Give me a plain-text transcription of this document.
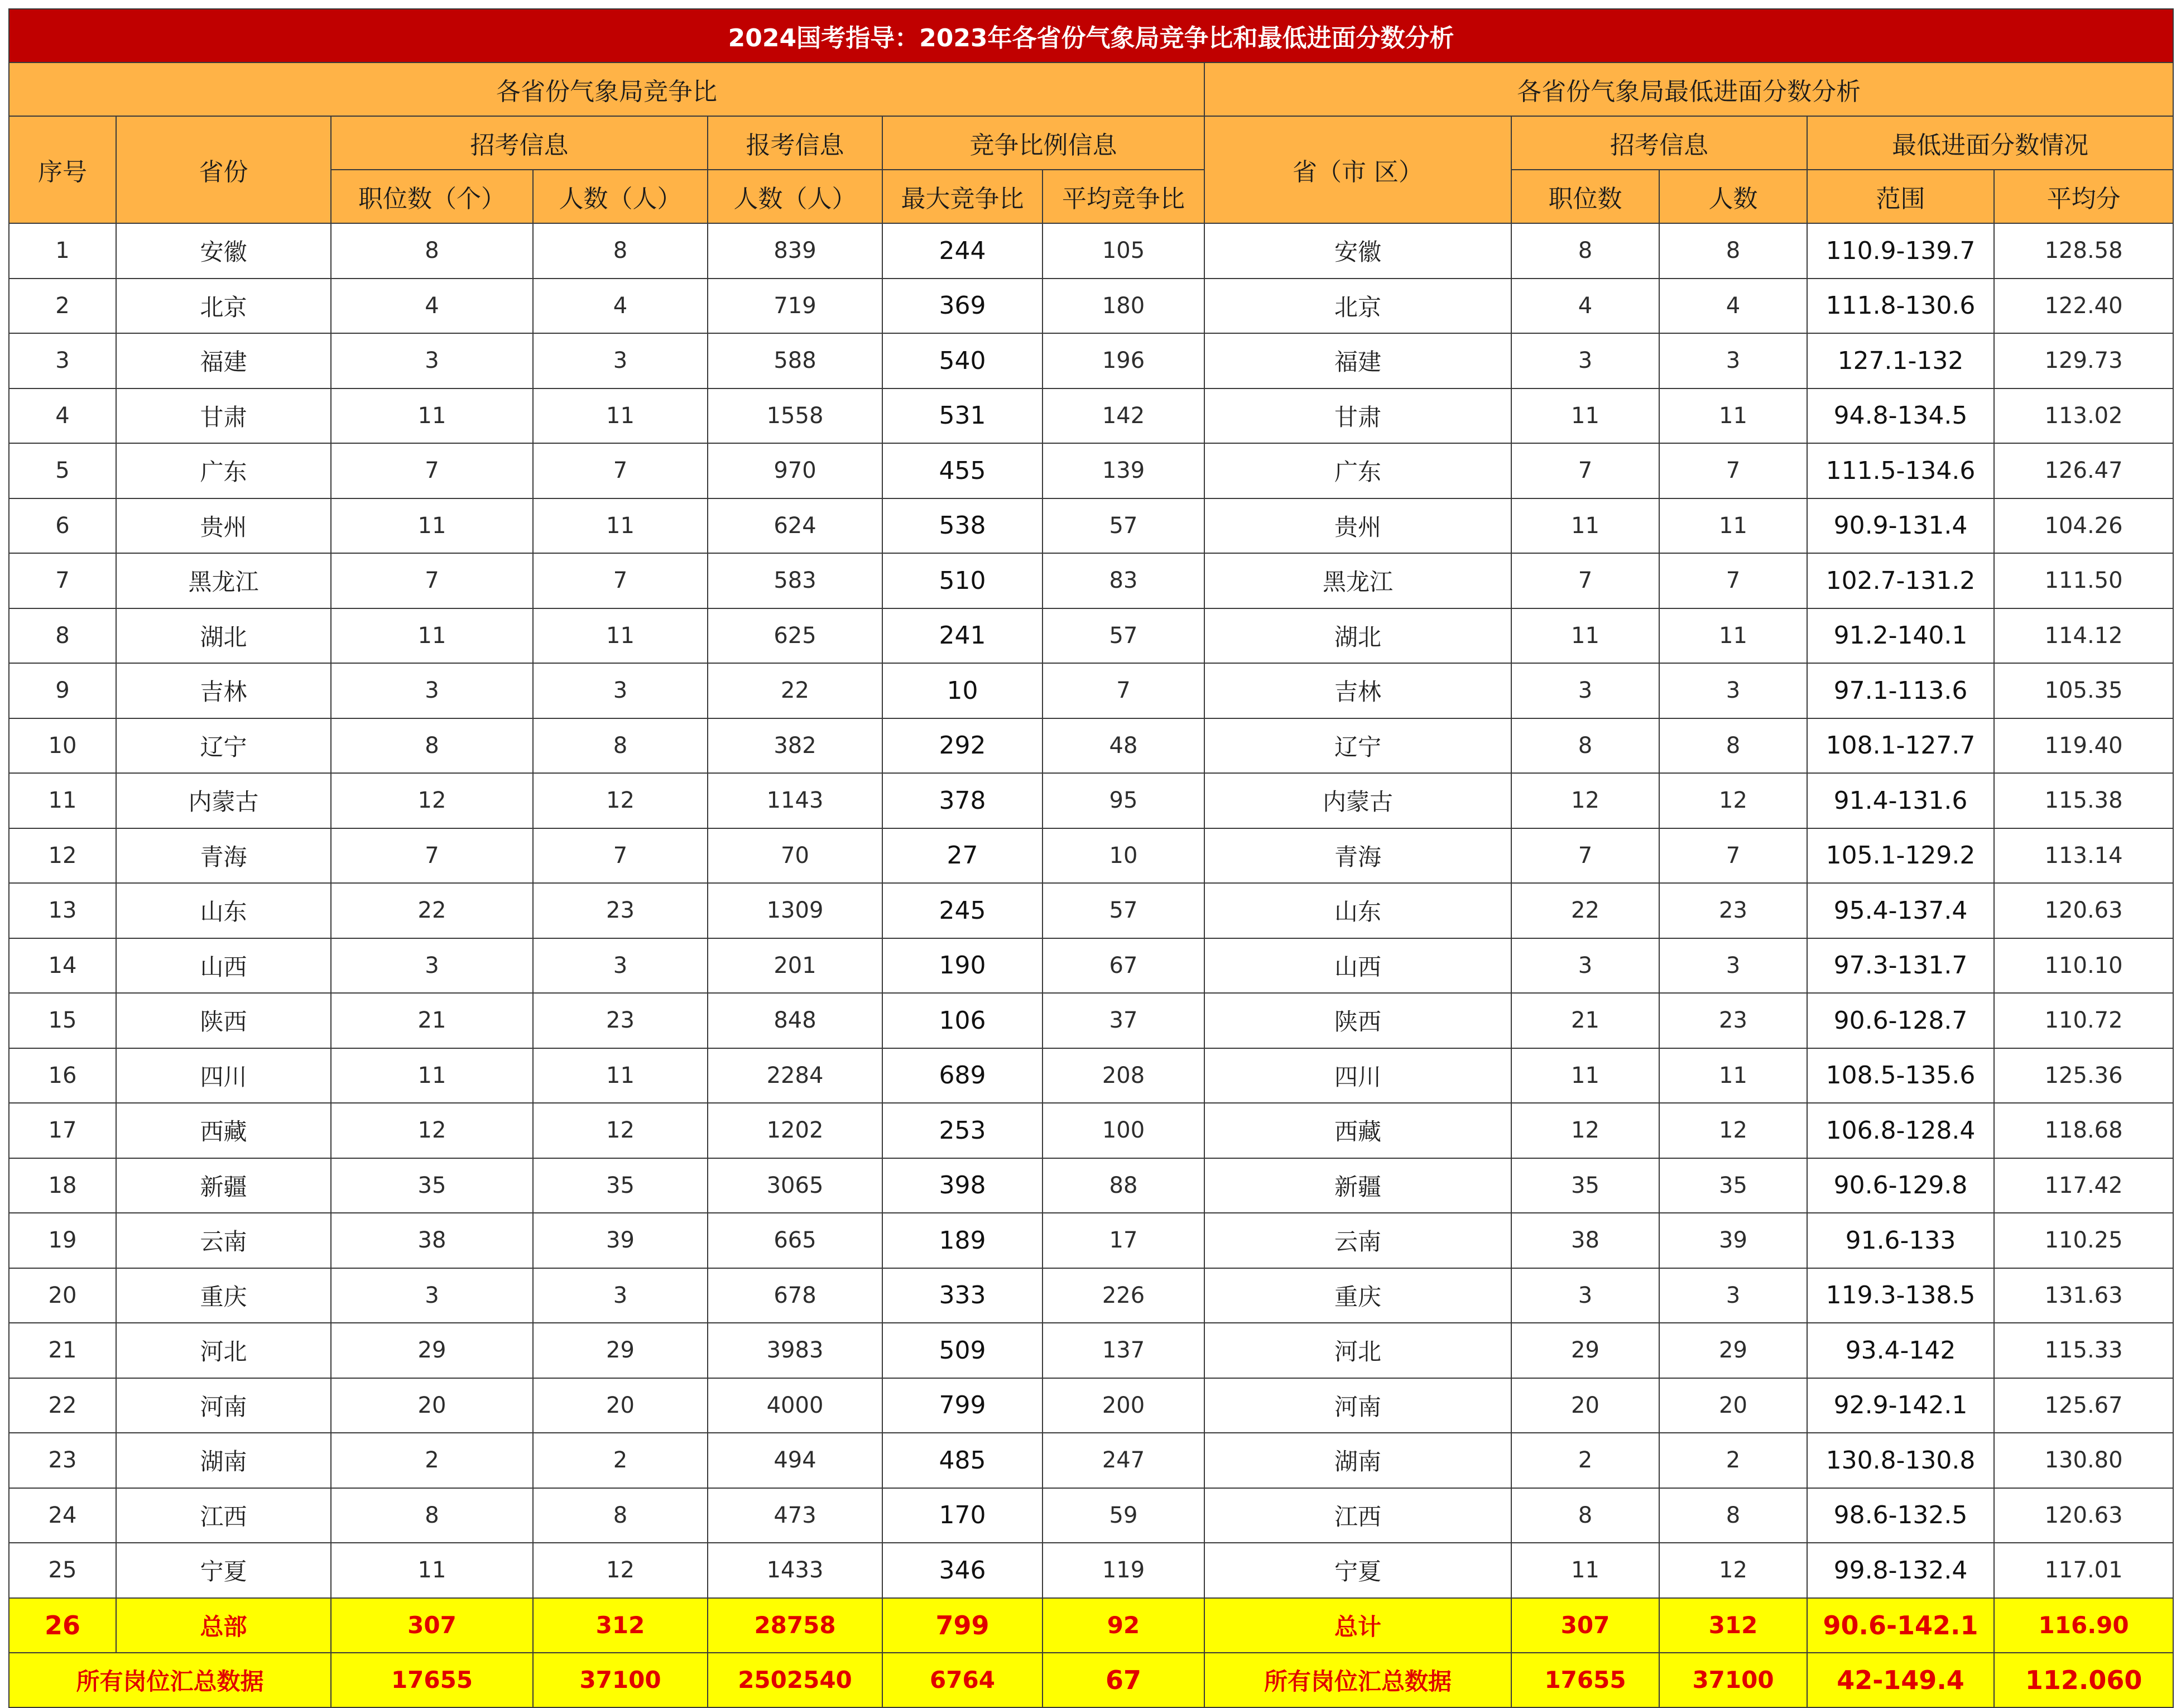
2024国考指导：2023年各省份气象局竞争比和最低进面分数分析											
各省份气象局竞争比							各省份气象局最低进面分数分析				
序号	省份	招考信息		报考信息	竞争比例信息		省（市 区）	招考信息		最低进面分数情况	
		职位数（个）	人数（人）	人数（人）	最大竞争比	平均竞争比		职位数	人数	范围	平均分
1	安徽	8	8	839	244	105	安徽	8	8	110.9-139.7	128.58
2	北京	4	4	719	369	180	北京	4	4	111.8-130.6	122.40
3	福建	3	3	588	540	196	福建	3	3	127.1-132	129.73
4	甘肃	11	11	1558	531	142	甘肃	11	11	94.8-134.5	113.02
5	广东	7	7	970	455	139	广东	7	7	111.5-134.6	126.47
6	贵州	11	11	624	538	57	贵州	11	11	90.9-131.4	104.26
7	黑龙江	7	7	583	510	83	黑龙江	7	7	102.7-131.2	111.50
8	湖北	11	11	625	241	57	湖北	11	11	91.2-140.1	114.12
9	吉林	3	3	22	10	7	吉林	3	3	97.1-113.6	105.35
10	辽宁	8	8	382	292	48	辽宁	8	8	108.1-127.7	119.40
11	内蒙古	12	12	1143	378	95	内蒙古	12	12	91.4-131.6	115.38
12	青海	7	7	70	27	10	青海	7	7	105.1-129.2	113.14
13	山东	22	23	1309	245	57	山东	22	23	95.4-137.4	120.63
14	山西	3	3	201	190	67	山西	3	3	97.3-131.7	110.10
15	陕西	21	23	848	106	37	陕西	21	23	90.6-128.7	110.72
16	四川	11	11	2284	689	208	四川	11	11	108.5-135.6	125.36
17	西藏	12	12	1202	253	100	西藏	12	12	106.8-128.4	118.68
18	新疆	35	35	3065	398	88	新疆	35	35	90.6-129.8	117.42
19	云南	38	39	665	189	17	云南	38	39	91.6-133	110.25
20	重庆	3	3	678	333	226	重庆	3	3	119.3-138.5	131.63
21	河北	29	29	3983	509	137	河北	29	29	93.4-142	115.33
22	河南	20	20	4000	799	200	河南	20	20	92.9-142.1	125.67
23	湖南	2	2	494	485	247	湖南	2	2	130.8-130.8	130.80
24	江西	8	8	473	170	59	江西	8	8	98.6-132.5	120.63
25	宁夏	11	12	1433	346	119	宁夏	11	12	99.8-132.4	117.01
26	总部	307	312	28758	799	92	总计	307	312	90.6-142.1	116.90
所有岗位汇总数据		17655	37100	2502540	6764	67	所有岗位汇总数据	17655	37100	42-149.4	112.060
